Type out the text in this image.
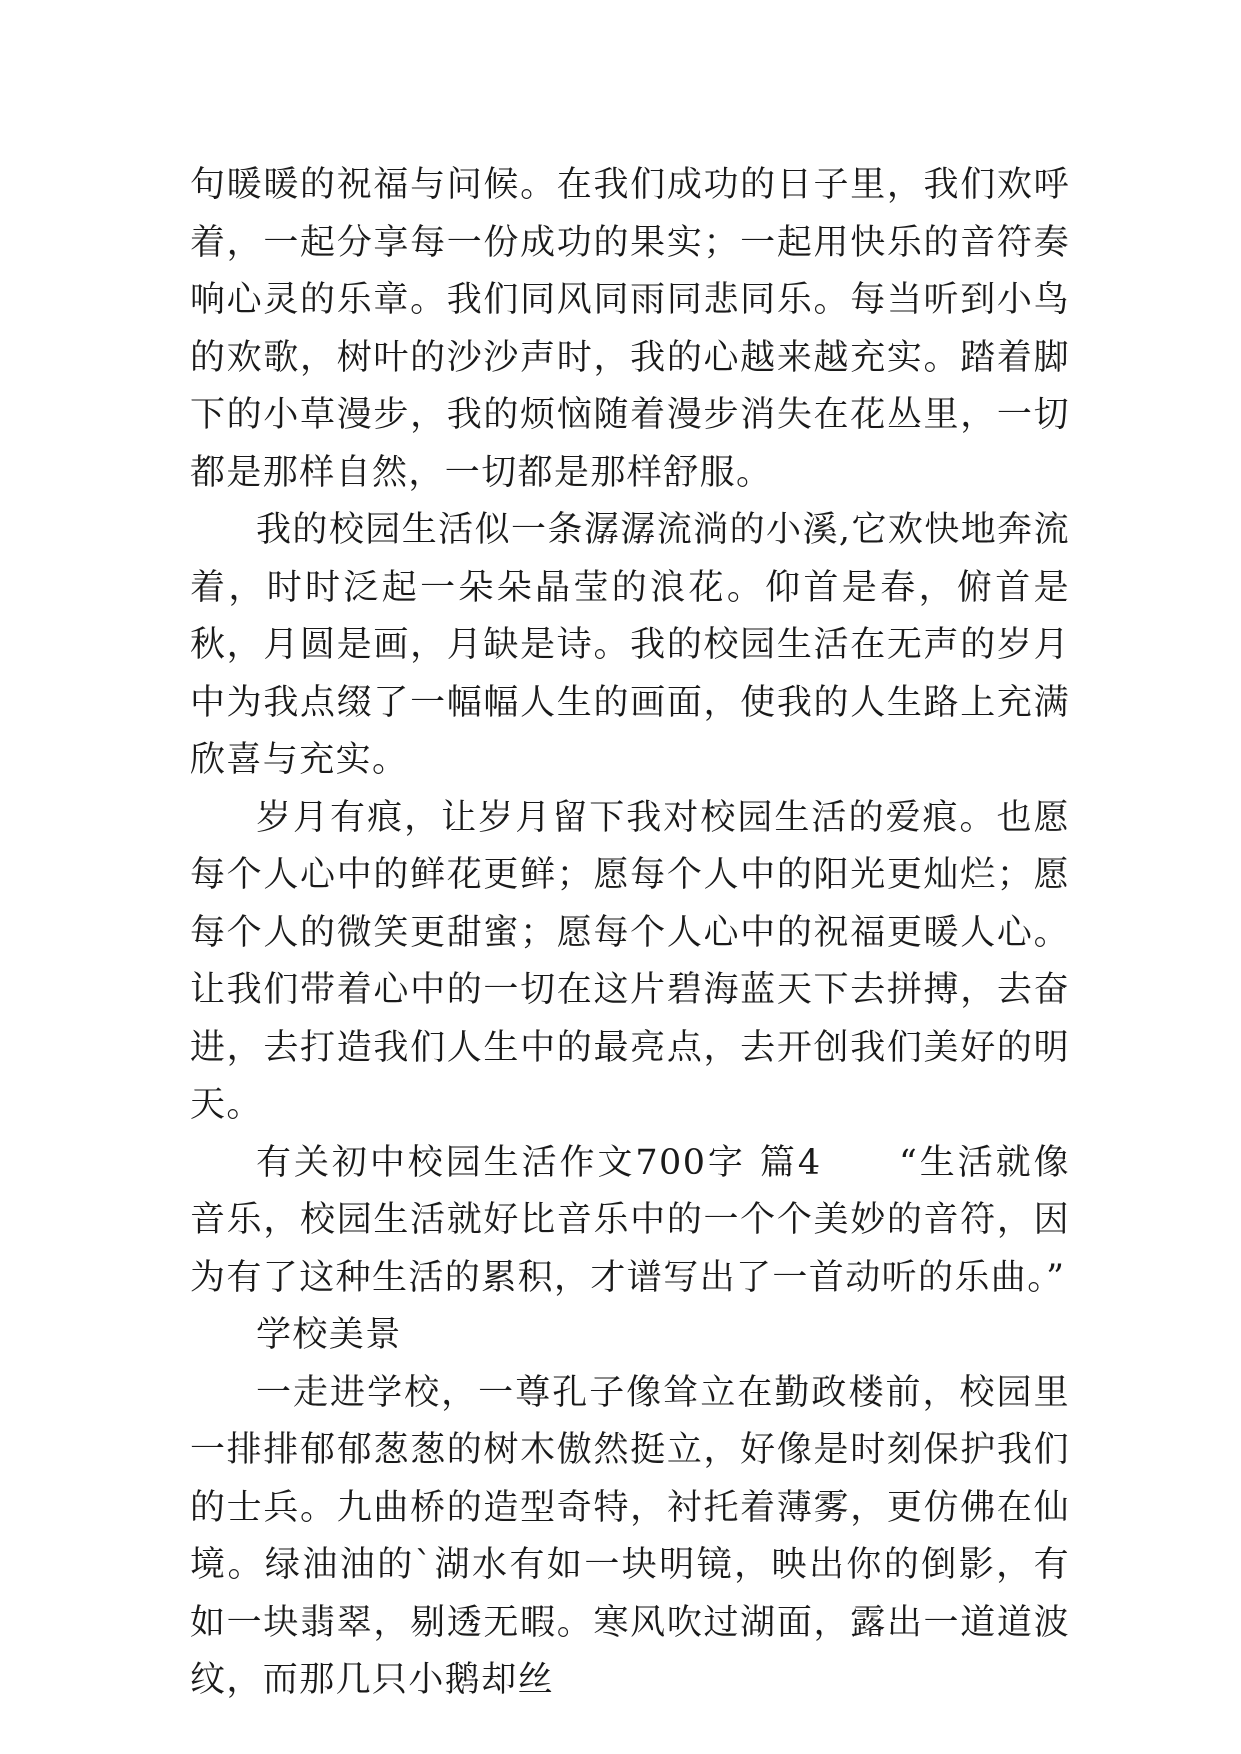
句暖暖的祝福与问候。在我们成功的日子里，我们欢呼着，一起分享每一份成功的果实；一起用快乐的音符奏响心灵的乐章。我们同风同雨同悲同乐。每当听到小鸟的欢歌，树叶的沙沙声时，我的心越来越充实。踏着脚下的小草漫步，我的烦恼随着漫步消失在花丛里，一切都是那样自然，一切都是那样舒服。

我的校园生活似一条潺潺流淌的小溪,它欢快地奔流着，时时泛起一朵朵晶莹的浪花。仰首是春，俯首是秋，月圆是画，月缺是诗。我的校园生活在无声的岁月中为我点缀了一幅幅人生的画面，使我的人生路上充满欣喜与充实。

岁月有痕，让岁月留下我对校园生活的爱痕。也愿每个人心中的鲜花更鲜；愿每个人中的阳光更灿烂；愿每个人的微笑更甜蜜；愿每个人心中的祝福更暖人心。让我们带着心中的一切在这片碧海蓝天下去拼搏，去奋进，去打造我们人生中的最亮点，去开创我们美好的明天。

有关初中校园生活作文700字 篇4　　“生活就像音乐，校园生活就好比音乐中的一个个美妙的音符，因为有了这种生活的累积，才谱写出了一首动听的乐曲。”

学校美景

一走进学校，一尊孔子像耸立在勤政楼前，校园里一排排郁郁葱葱的树木傲然挺立，好像是时刻保护我们的士兵。九曲桥的造型奇特，衬托着薄雾，更仿佛在仙境。绿油油的`湖水有如一块明镜，映出你的倒影，有如一块翡翠，剔透无暇。寒风吹过湖面，露出一道道波纹，而那几只小鹅却丝
